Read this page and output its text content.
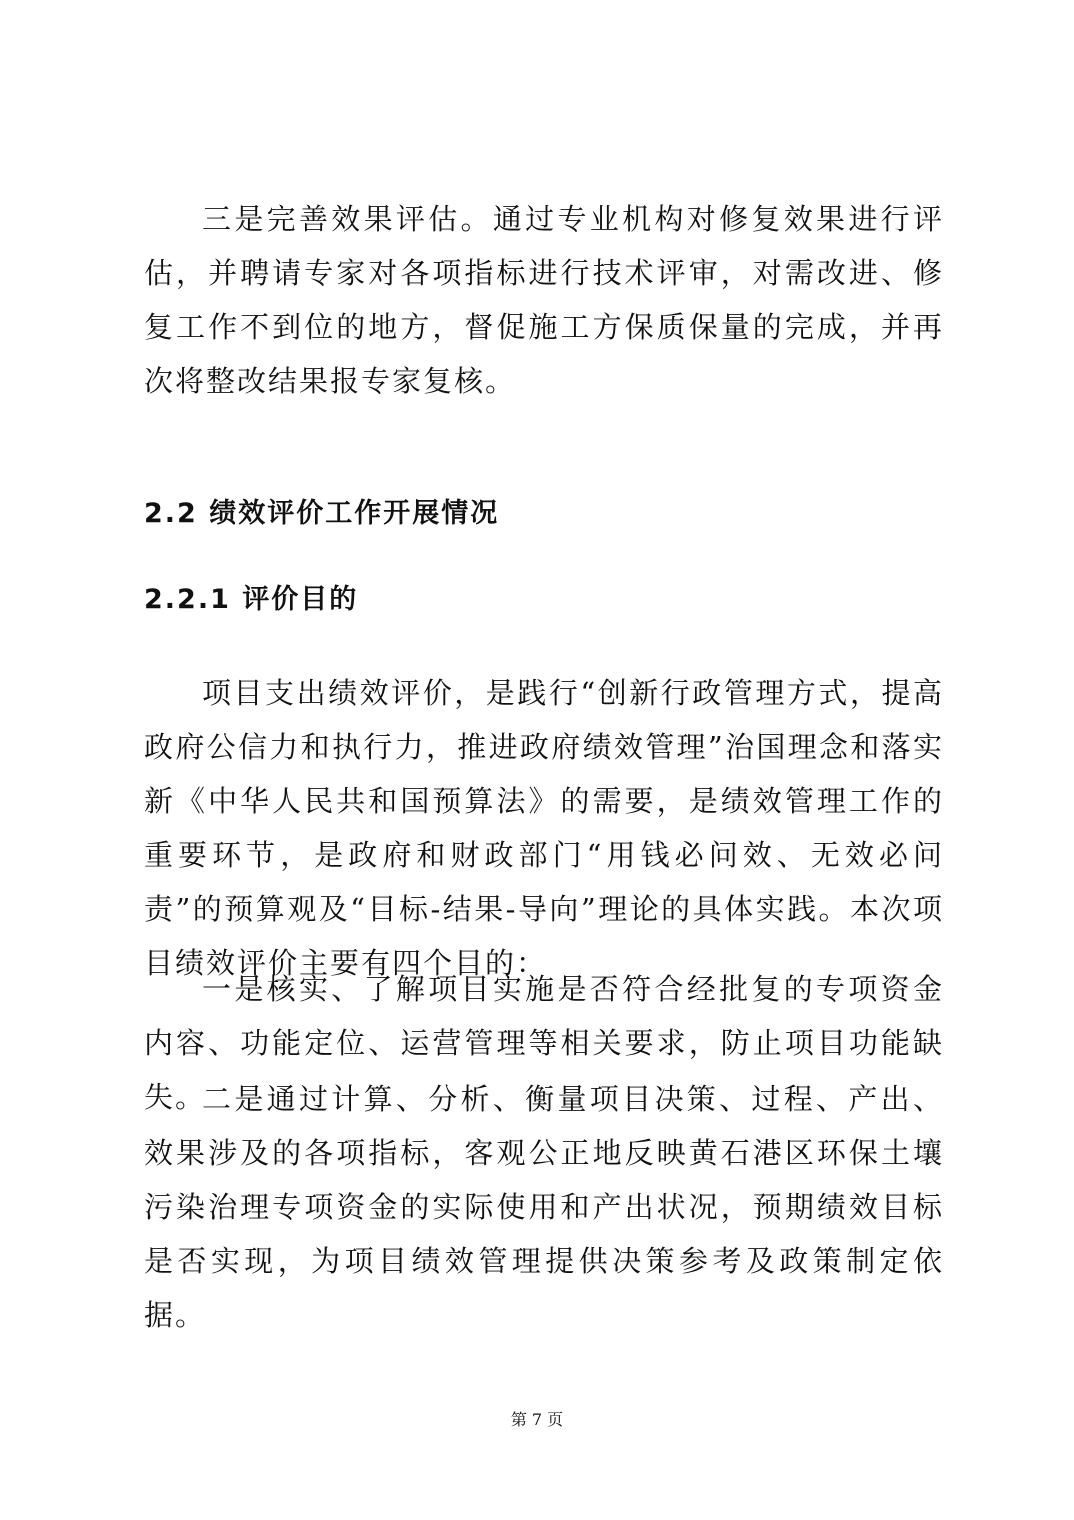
三是完善效果评估。通过专业机构对修复效果进行评估，并聘请专家对各项指标进行技术评审，对需改进、修复工作不到位的地方，督促施工方保质保量的完成，并再次将整改结果报专家复核。

2.2 绩效评价工作开展情况
2.2.1 评价目的

项目支出绩效评价，是践行“创新行政管理方式，提高政府公信力和执行力，推进政府绩效管理”治国理念和落实新《中华人民共和国预算法》的需要，是绩效管理工作的重要环节，是政府和财政部门“用钱必问效、无效必问责”的预算观及“目标-结果-导向”理论的具体实践。本次项目绩效评价主要有四个目的：

一是核实、了解项目实施是否符合经批复的专项资金内容、功能定位、运营管理等相关要求，防止项目功能缺失。

二是通过计算、分析、衡量项目决策、过程、产出、效果涉及的各项指标，客观公正地反映黄石港区环保土壤污染治理专项资金的实际使用和产出状况，预期绩效目标是否实现，为项目绩效管理提供决策参考及政策制定依据。

第 7 页
